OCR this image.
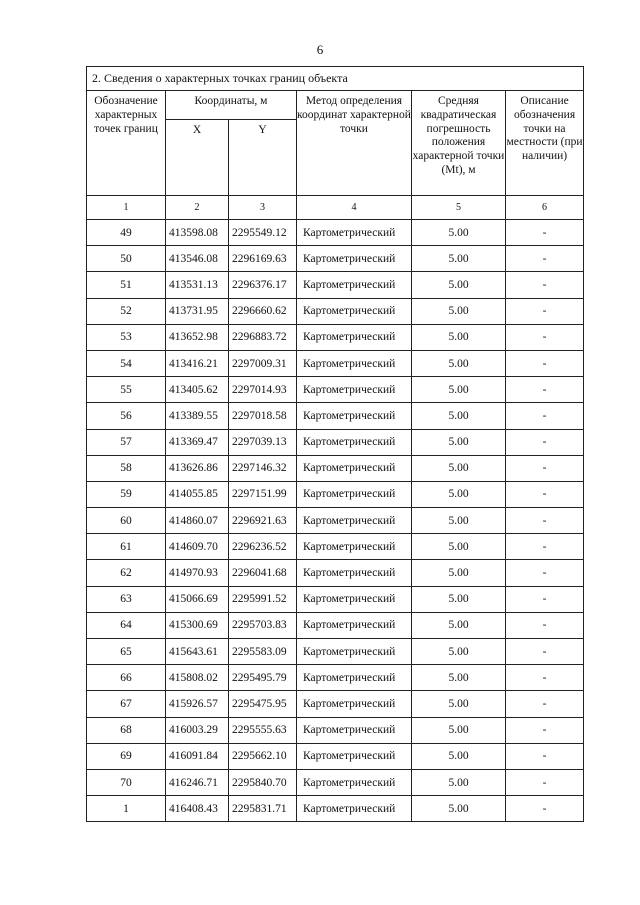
6
2. Сведения о характерных точках границ объекта					
Обозначение характерных точек границ	Координаты, м		Метод определения координат характерной точки	Средняя квадратическая погрешность положения характерной точки (Mt), м	Описание обозначения точки на местности (при наличии)
	X	Y			
1	2	3	4	5	6
49	413598.08	2295549.12	Картометрический	5.00	-
50	413546.08	2296169.63	Картометрический	5.00	-
51	413531.13	2296376.17	Картометрический	5.00	-
52	413731.95	2296660.62	Картометрический	5.00	-
53	413652.98	2296883.72	Картометрический	5.00	-
54	413416.21	2297009.31	Картометрический	5.00	-
55	413405.62	2297014.93	Картометрический	5.00	-
56	413389.55	2297018.58	Картометрический	5.00	-
57	413369.47	2297039.13	Картометрический	5.00	-
58	413626.86	2297146.32	Картометрический	5.00	-
59	414055.85	2297151.99	Картометрический	5.00	-
60	414860.07	2296921.63	Картометрический	5.00	-
61	414609.70	2296236.52	Картометрический	5.00	-
62	414970.93	2296041.68	Картометрический	5.00	-
63	415066.69	2295991.52	Картометрический	5.00	-
64	415300.69	2295703.83	Картометрический	5.00	-
65	415643.61	2295583.09	Картометрический	5.00	-
66	415808.02	2295495.79	Картометрический	5.00	-
67	415926.57	2295475.95	Картометрический	5.00	-
68	416003.29	2295555.63	Картометрический	5.00	-
69	416091.84	2295662.10	Картометрический	5.00	-
70	416246.71	2295840.70	Картометрический	5.00	-
1	416408.43	2295831.71	Картометрический	5.00	-
